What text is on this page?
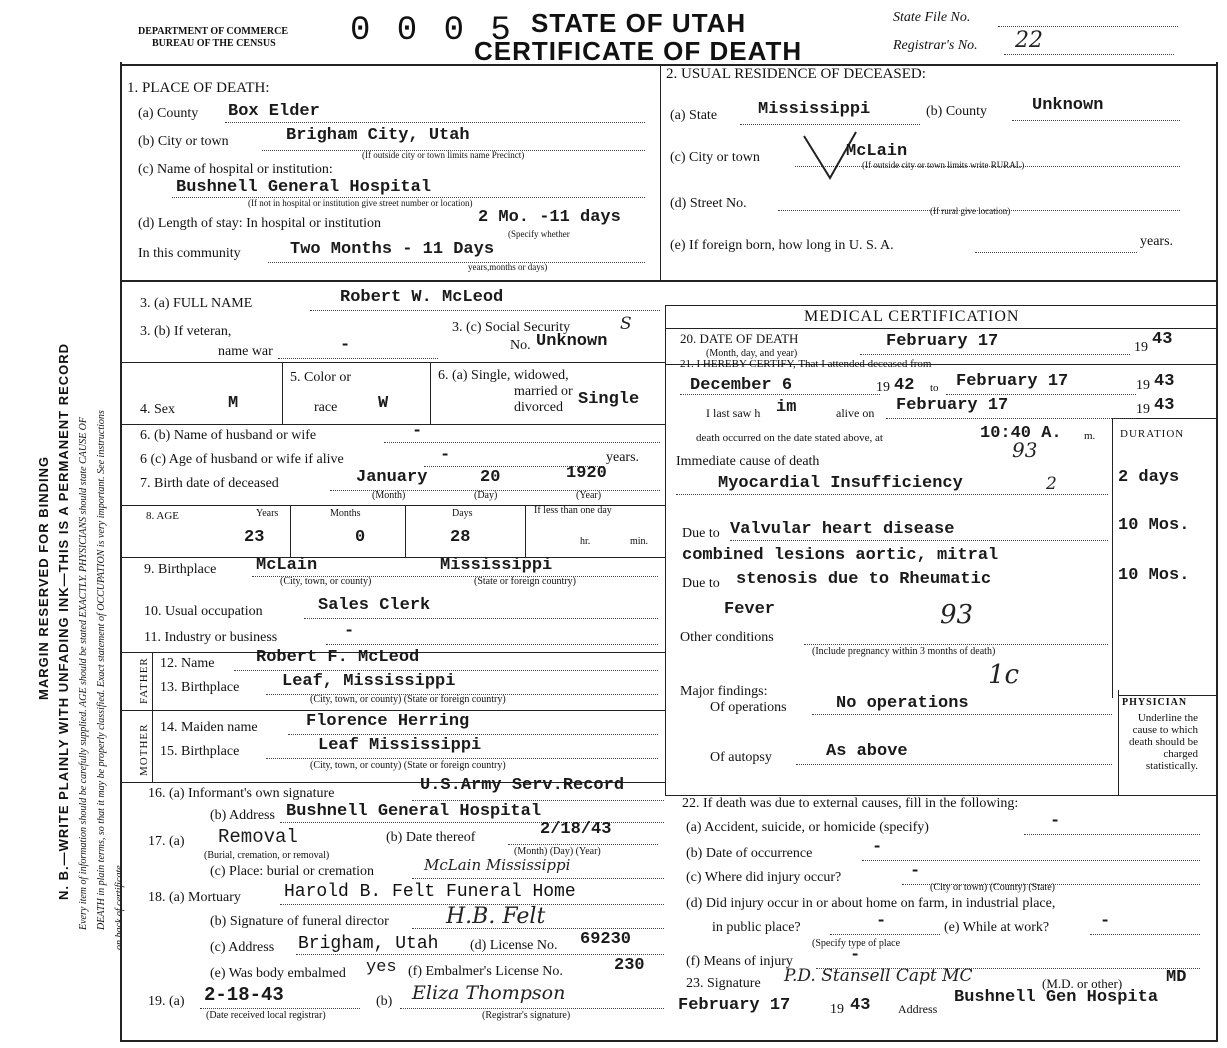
DEPARTMENT OF COMMERCE
BUREAU OF THE CENSUS 0 0 0 5 STATE OF UTAH
CERTIFICATE OF DEATH
State File No.
Registrar's No. 22
MARGIN RESERVED FOR BINDING N. B.—WRITE PLAINLY WITH UNFADING INK—THIS IS A PERMANENT RECORD Every item of information should be carefully supplied. AGE should be stated EXACTLY. PHYSICIANS should state CAUSE OF DEATH in plain terms, so that it may be properly classified. Exact statement of OCCUPATION is very important. See instructions on back of certificate.
1. PLACE OF DEATH:
(a) County Box Elder
(b) City or town	Brigham City, Utah
(If outside city or town limits name Precinct)
(c) Name of hospital or institution:
Bushnell General Hospital
(If not in hospital or institution give street number or location)
(d) Length of stay: In hospital or institution	2 Mo. -11 days
(Specify whether
In this community	Two Months - 11 Days
years,months or days)
2. USUAL RESIDENCE OF DECEASED:
(a) State Mississippi	(b) County	Unknown
(c) City or town	McLain
(If outside city or town limits write RURAL)
(d) Street No.	(If rural give location)
(e) If foreign born, how long in U. S. A.	years.
3. (a) FULL NAME	Robert W. McLeod
3. (b) If veteran,
name war	-
3. (c) Social Security	S
No. Unknown
4. Sex	M
5. Color or
race W
6. (a) Single, widowed,
married or
divorced Single
6. (b) Name of husband or wife	-
6 (c) Age of husband or wife if alive	-	years.
7. Birth date of deceased	January	20	1920
(Month)	(Day)	(Year)
8. AGE	Years	Months	Days	If less than one day
23	0	28	hr.	min.
9. Birthplace McLain	Mississippi
(City, town, or county)	(State or foreign country)
10. Usual occupation	Sales Clerk
11. Industry or business	-
FATHER 12. Name Robert F. McLeod
13. Birthplace	Leaf, Mississippi
(City, town, or county) (State or foreign country)
MOTHER 14. Maiden name	Florence Herring
15. Birthplace	Leaf Mississippi
(City, town, or county) (State or foreign country)
16. (a) Informant's own signature	U.S.Army Serv.Record
(b) Address Bushnell General Hospital
17. (a) Removal
(Burial, cremation, or removal)
(b) Date thereof	2/18/43
(Month) (Day) (Year)
(c) Place: burial or cremation	McLain Mississippi
18. (a) Mortuary Harold B. Felt Funeral Home
(b) Signature of funeral director	H.B. Felt
(c) Address Brigham, Utah (d) License No. 69230
(e) Was body embalmed yes (f) Embalmer's License No.	230
19. (a) 2-18-43
(Date received local registrar)
(b) Eliza Thompson
(Registrar's signature)
MEDICAL CERTIFICATION
20. DATE OF DEATH
(Month, day, and year)
February 17	19 43
21. I HEREBY CERTIFY, That I attended deceased from
December 6	19 42 to February 17	19 43
I last saw h im	alive on February 17	19 43
death occurred on the date stated above, at	10:40 A. m. DURATION
Immediate cause of death	93
Myocardial Insufficiency	2	2 days
Due to Valvular heart disease	10 Mos.
combined lesions aortic, mitral
Due to stenosis due to Rheumatic	10 Mos.
Fever	93
Other conditions
(Include pregnancy within 3 months of death)
1c
Major findings:
Of operations	No operations
Of autopsy	As above
PHYSICIAN
Underline the cause to which death should be charged statistically.
22. If death was due to external causes, fill in the following:
(a) Accident, suicide, or homicide (specify)	-
(b) Date of occurrence	-
(c) Where did injury occur?	-
(City or town) (County) (State)
(d) Did injury occur in or about home on farm, in industrial place,
in public place?	-	(e) While at work?	-
(Specify type of place
(f) Means of injury	-
23. Signature P.D. Stansell Capt MC	(M.D. or other)	MD
February 17	19 43 Address
Bushnell Gen Hospita
